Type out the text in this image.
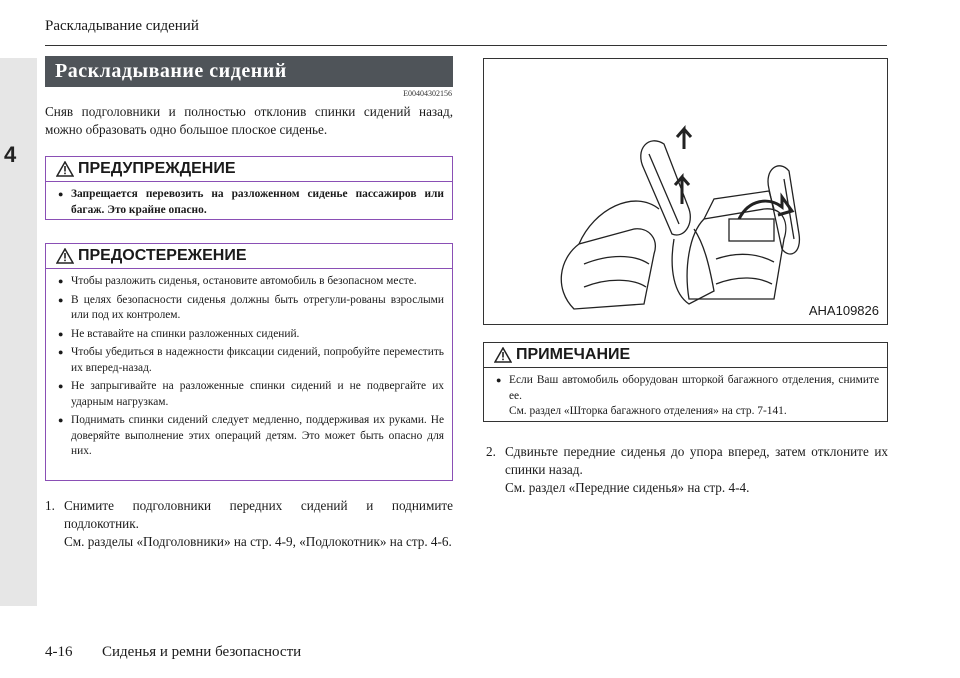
4
Раскладывание сидений
Раскладывание сидений
E00404302156
Сняв подголовники и полностью отклонив спинки сидений назад, можно образовать одно большое плоское сиденье.
ПРЕДУПРЕЖДЕНИЕ
● Запрещается перевозить на разложенном сиденье пассажиров или багаж. Это крайне опасно.
ПРЕДОСТЕРЕЖЕНИЕ
● Чтобы разложить сиденья, остановите автомобиль в безопасном месте.
● В целях безопасности сиденья должны быть отрегули-рованы взрослыми или под их контролем.
● Не вставайте на спинки разложенных сидений.
● Чтобы убедиться в надежности фиксации сидений, попробуйте переместить их вперед-назад.
● Не запрыгивайте на разложенные спинки сидений и не подвергайте их ударным нагрузкам.
● Поднимать спинки сидений следует медленно, поддерживая их руками. Не доверяйте выполнение этих операций детям. Это может быть опасно для них.
1. Снимите подголовники передних сидений и поднимите подлокотник.
См. разделы «Подголовники» на стр. 4-9, «Подлокотник» на стр. 4-6.
AHA109826
ПРИМЕЧАНИЕ
● Если Ваш автомобиль оборудован шторкой багажного отделения, снимите ее.
См. раздел «Шторка багажного отделения» на стр. 7-141.
2. Сдвиньте передние сиденья до упора вперед, затем отклоните их спинки назад.
См. раздел «Передние сиденья» на стр. 4-4.
4-16 Сиденья и ремни безопасности
